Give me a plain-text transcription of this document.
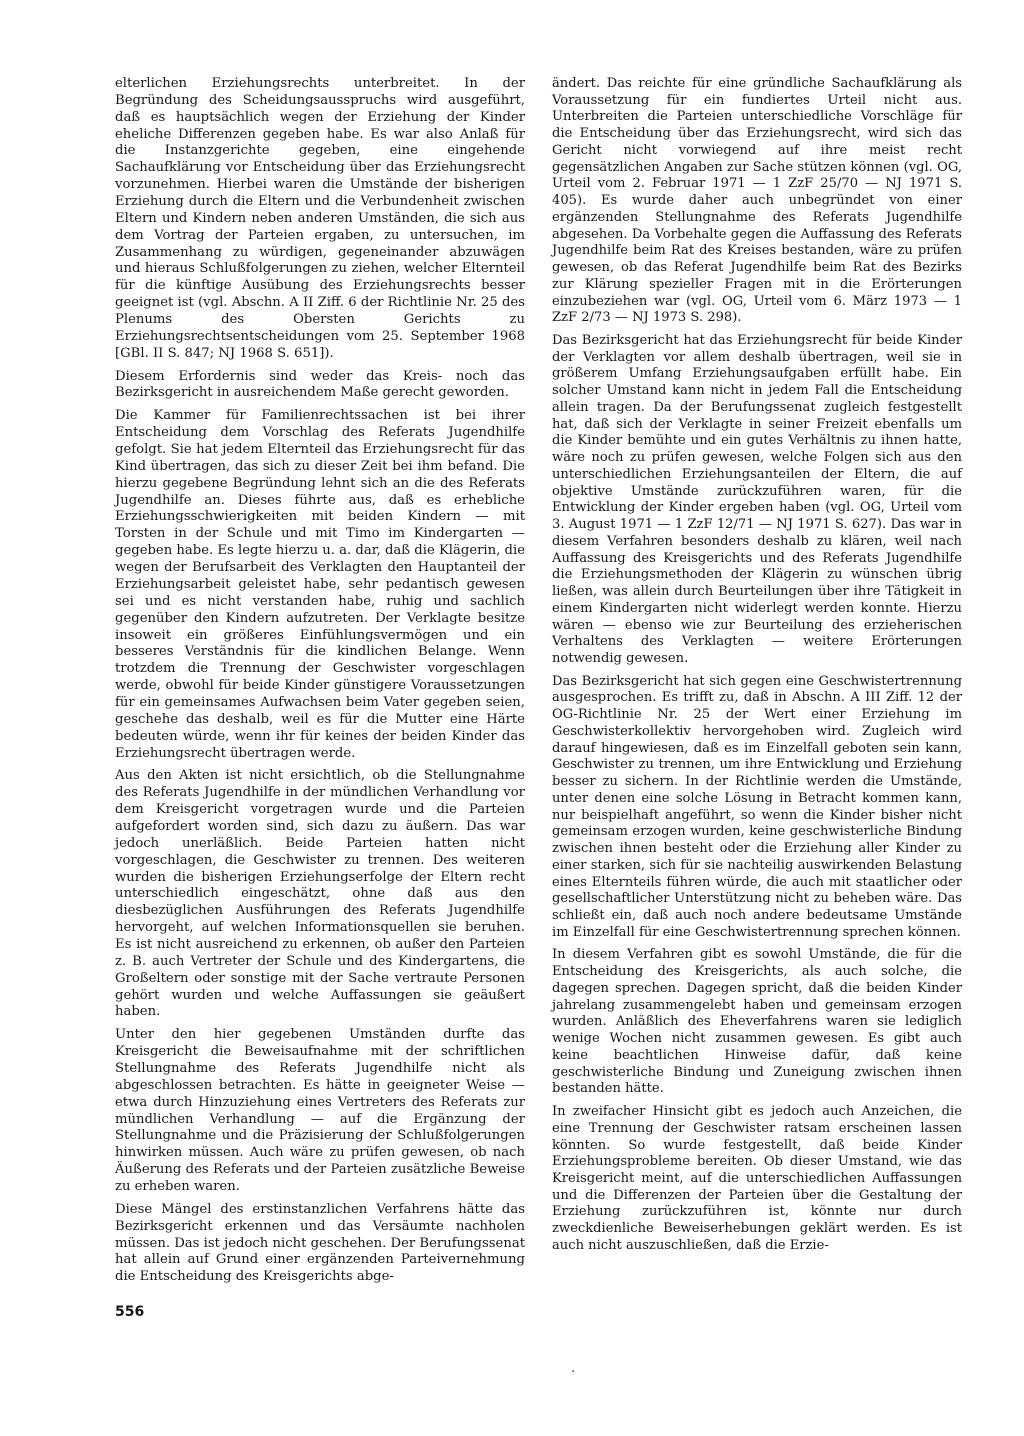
elterlichen Erziehungsrechts unterbreitet. In der Begründung des Scheidungsausspruchs wird ausgeführt, daß es hauptsächlich wegen der Erziehung der Kinder eheliche Differenzen gegeben habe. Es war also Anlaß für die Instanzgerichte gegeben, eine eingehende Sachaufklärung vor Entscheidung über das Erziehungsrecht vorzunehmen. Hierbei waren die Umstände der bisherigen Erziehung durch die Eltern und die Verbundenheit zwischen Eltern und Kindern neben anderen Umständen, die sich aus dem Vortrag der Parteien ergaben, zu untersuchen, im Zusammenhang zu würdigen, gegeneinander abzuwägen und hieraus Schlußfolgerungen zu ziehen, welcher Elternteil für die künftige Ausübung des Erziehungsrechts besser geeignet ist (vgl. Abschn. A II Ziff. 6 der Richtlinie Nr. 25 des Plenums des Obersten Gerichts zu Erziehungsrechtsentscheidungen vom 25. September 1968 [GBl. II S. 847; NJ 1968 S. 651]).

Diesem Erfordernis sind weder das Kreis- noch das Bezirksgericht in ausreichendem Maße gerecht geworden.

Die Kammer für Familienrechtssachen ist bei ihrer Entscheidung dem Vorschlag des Referats Jugendhilfe gefolgt. Sie hat jedem Elternteil das Erziehungsrecht für das Kind übertragen, das sich zu dieser Zeit bei ihm befand. Die hierzu gegebene Begründung lehnt sich an die des Referats Jugendhilfe an. Dieses führte aus, daß es erhebliche Erziehungsschwierigkeiten mit beiden Kindern — mit Torsten in der Schule und mit Timo im Kindergarten — gegeben habe. Es legte hierzu u. a. dar, daß die Klägerin, die wegen der Berufsarbeit des Verklagten den Hauptanteil der Erziehungsarbeit geleistet habe, sehr pedantisch gewesen sei und es nicht verstanden habe, ruhig und sachlich gegenüber den Kindern aufzutreten. Der Verklagte besitze insoweit ein größeres Einfühlungsvermögen und ein besseres Verständnis für die kindlichen Belange. Wenn trotzdem die Trennung der Geschwister vorgeschlagen werde, obwohl für beide Kinder günstigere Voraussetzungen für ein gemeinsames Aufwachsen beim Vater gegeben seien, geschehe das deshalb, weil es für die Mutter eine Härte bedeuten würde, wenn ihr für keines der beiden Kinder das Erziehungsrecht übertragen werde.

Aus den Akten ist nicht ersichtlich, ob die Stellungnahme des Referats Jugendhilfe in der mündlichen Verhandlung vor dem Kreisgericht vorgetragen wurde und die Parteien aufgefordert worden sind, sich dazu zu äußern. Das war jedoch unerläßlich. Beide Parteien hatten nicht vorgeschlagen, die Geschwister zu trennen. Des weiteren wurden die bisherigen Erziehungserfolge der Eltern recht unterschiedlich eingeschätzt, ohne daß aus den diesbezüglichen Ausführungen des Referats Jugendhilfe hervorgeht, auf welchen Informationsquellen sie beruhen. Es ist nicht ausreichend zu erkennen, ob außer den Parteien z. B. auch Vertreter der Schule und des Kindergartens, die Großeltern oder sonstige mit der Sache vertraute Personen gehört wurden und welche Auffassungen sie geäußert haben.

Unter den hier gegebenen Umständen durfte das Kreisgericht die Beweisaufnahme mit der schriftlichen Stellungnahme des Referats Jugendhilfe nicht als abgeschlossen betrachten. Es hätte in geeigneter Weise — etwa durch Hinzuziehung eines Vertreters des Referats zur mündlichen Verhandlung — auf die Ergänzung der Stellungnahme und die Präzisierung der Schlußfolgerungen hinwirken müssen. Auch wäre zu prüfen gewesen, ob nach Äußerung des Referats und der Parteien zusätzliche Beweise zu erheben waren.

Diese Mängel des erstinstanzlichen Verfahrens hätte das Bezirksgericht erkennen und das Versäumte nachholen müssen. Das ist jedoch nicht geschehen. Der Berufungssenat hat allein auf Grund einer ergänzenden Parteivernehmung die Entscheidung des Kreisgerichts abge-

ändert. Das reichte für eine gründliche Sachaufklärung als Voraussetzung für ein fundiertes Urteil nicht aus. Unterbreiten die Parteien unterschiedliche Vorschläge für die Entscheidung über das Erziehungsrecht, wird sich das Gericht nicht vorwiegend auf ihre meist recht gegensätzlichen Angaben zur Sache stützen können (vgl. OG, Urteil vom 2. Februar 1971 — 1 ZzF 25/70 — NJ 1971 S. 405). Es wurde daher auch unbegründet von einer ergänzenden Stellungnahme des Referats Jugendhilfe abgesehen. Da Vorbehalte gegen die Auffassung des Referats Jugendhilfe beim Rat des Kreises bestanden, wäre zu prüfen gewesen, ob das Referat Jugendhilfe beim Rat des Bezirks zur Klärung spezieller Fragen mit in die Erörterungen einzubeziehen war (vgl. OG, Urteil vom 6. März 1973 — 1 ZzF 2/73 — NJ 1973 S. 298).

Das Bezirksgericht hat das Erziehungsrecht für beide Kinder der Verklagten vor allem deshalb übertragen, weil sie in größerem Umfang Erziehungsaufgaben erfüllt habe. Ein solcher Umstand kann nicht in jedem Fall die Entscheidung allein tragen. Da der Berufungssenat zugleich festgestellt hat, daß sich der Verklagte in seiner Freizeit ebenfalls um die Kinder bemühte und ein gutes Verhältnis zu ihnen hatte, wäre noch zu prüfen gewesen, welche Folgen sich aus den unterschiedlichen Erziehungsanteilen der Eltern, die auf objektive Umstände zurückzuführen waren, für die Entwicklung der Kinder ergeben haben (vgl. OG, Urteil vom 3. August 1971 — 1 ZzF 12/71 — NJ 1971 S. 627). Das war in diesem Verfahren besonders deshalb zu klären, weil nach Auffassung des Kreisgerichts und des Referats Jugendhilfe die Erziehungsmethoden der Klägerin zu wünschen übrig ließen, was allein durch Beurteilungen über ihre Tätigkeit in einem Kindergarten nicht widerlegt werden konnte. Hierzu wären — ebenso wie zur Beurteilung des erzieherischen Verhaltens des Verklagten — weitere Erörterungen notwendig gewesen.

Das Bezirksgericht hat sich gegen eine Geschwistertrennung ausgesprochen. Es trifft zu, daß in Abschn. A III Ziff. 12 der OG-Richtlinie Nr. 25 der Wert einer Erziehung im Geschwisterkollektiv hervorgehoben wird. Zugleich wird darauf hingewiesen, daß es im Einzelfall geboten sein kann, Geschwister zu trennen, um ihre Entwicklung und Erziehung besser zu sichern. In der Richtlinie werden die Umstände, unter denen eine solche Lösung in Betracht kommen kann, nur beispielhaft angeführt, so wenn die Kinder bisher nicht gemeinsam erzogen wurden, keine geschwisterliche Bindung zwischen ihnen besteht oder die Erziehung aller Kinder zu einer starken, sich für sie nachteilig auswirkenden Belastung eines Elternteils führen würde, die auch mit staatlicher oder gesellschaftlicher Unterstützung nicht zu beheben wäre. Das schließt ein, daß auch noch andere bedeutsame Umstände im Einzelfall für eine Geschwistertrennung sprechen können.

In diesem Verfahren gibt es sowohl Umstände, die für die Entscheidung des Kreisgerichts, als auch solche, die dagegen sprechen. Dagegen spricht, daß die beiden Kinder jahrelang zusammengelebt haben und gemeinsam erzogen wurden. Anläßlich des Eheverfahrens waren sie lediglich wenige Wochen nicht zusammen gewesen. Es gibt auch keine beachtlichen Hinweise dafür, daß keine geschwisterliche Bindung und Zuneigung zwischen ihnen bestanden hätte.

In zweifacher Hinsicht gibt es jedoch auch Anzeichen, die eine Trennung der Geschwister ratsam erscheinen lassen könnten. So wurde festgestellt, daß beide Kinder Erziehungsprobleme bereiten. Ob dieser Umstand, wie das Kreisgericht meint, auf die unterschiedlichen Auffassungen und die Differenzen der Parteien über die Gestaltung der Erziehung zurückzuführen ist, könnte nur durch zweckdienliche Beweiserhebungen geklärt werden. Es ist auch nicht auszuschließen, daß die Erzie-

556
·
